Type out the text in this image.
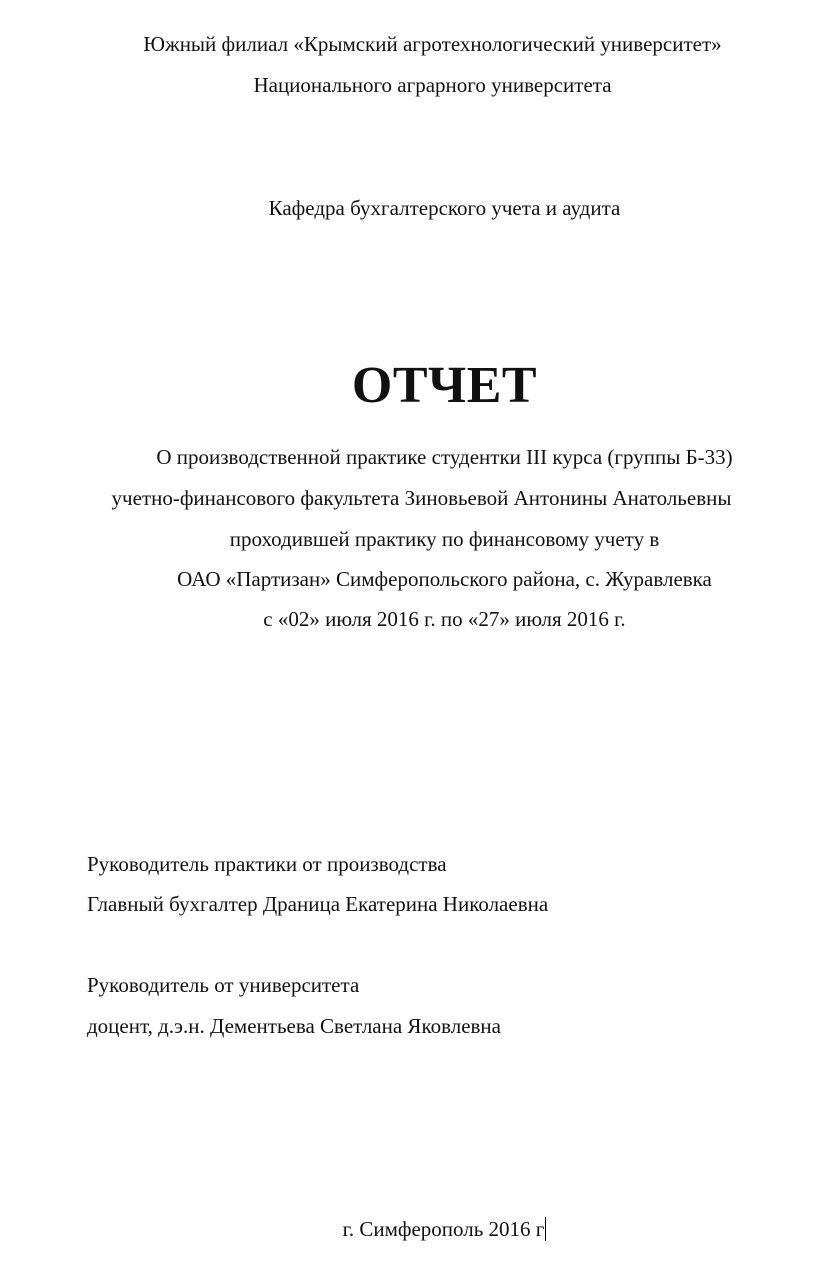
Южный филиал «Крымский агротехнологический университет»
Национального аграрного университета
Кафедра бухгалтерского учета и аудита
ОТЧЕТ
О производственной практике студентки III курса (группы Б-33)
учетно-финансового факультета Зиновьевой Антонины Анатольевны
проходившей практику по финансовому учету в
ОАО «Партизан» Симферопольского района, с. Журавлевка
с «02» июля 2016 г. по «27» июля 2016 г.
Руководитель практики от производства
Главный бухгалтер Драница Екатерина Николаевна
Руководитель от университета
доцент, д.э.н. Дементьева Светлана Яковлевна
г. Симферополь 2016 г
